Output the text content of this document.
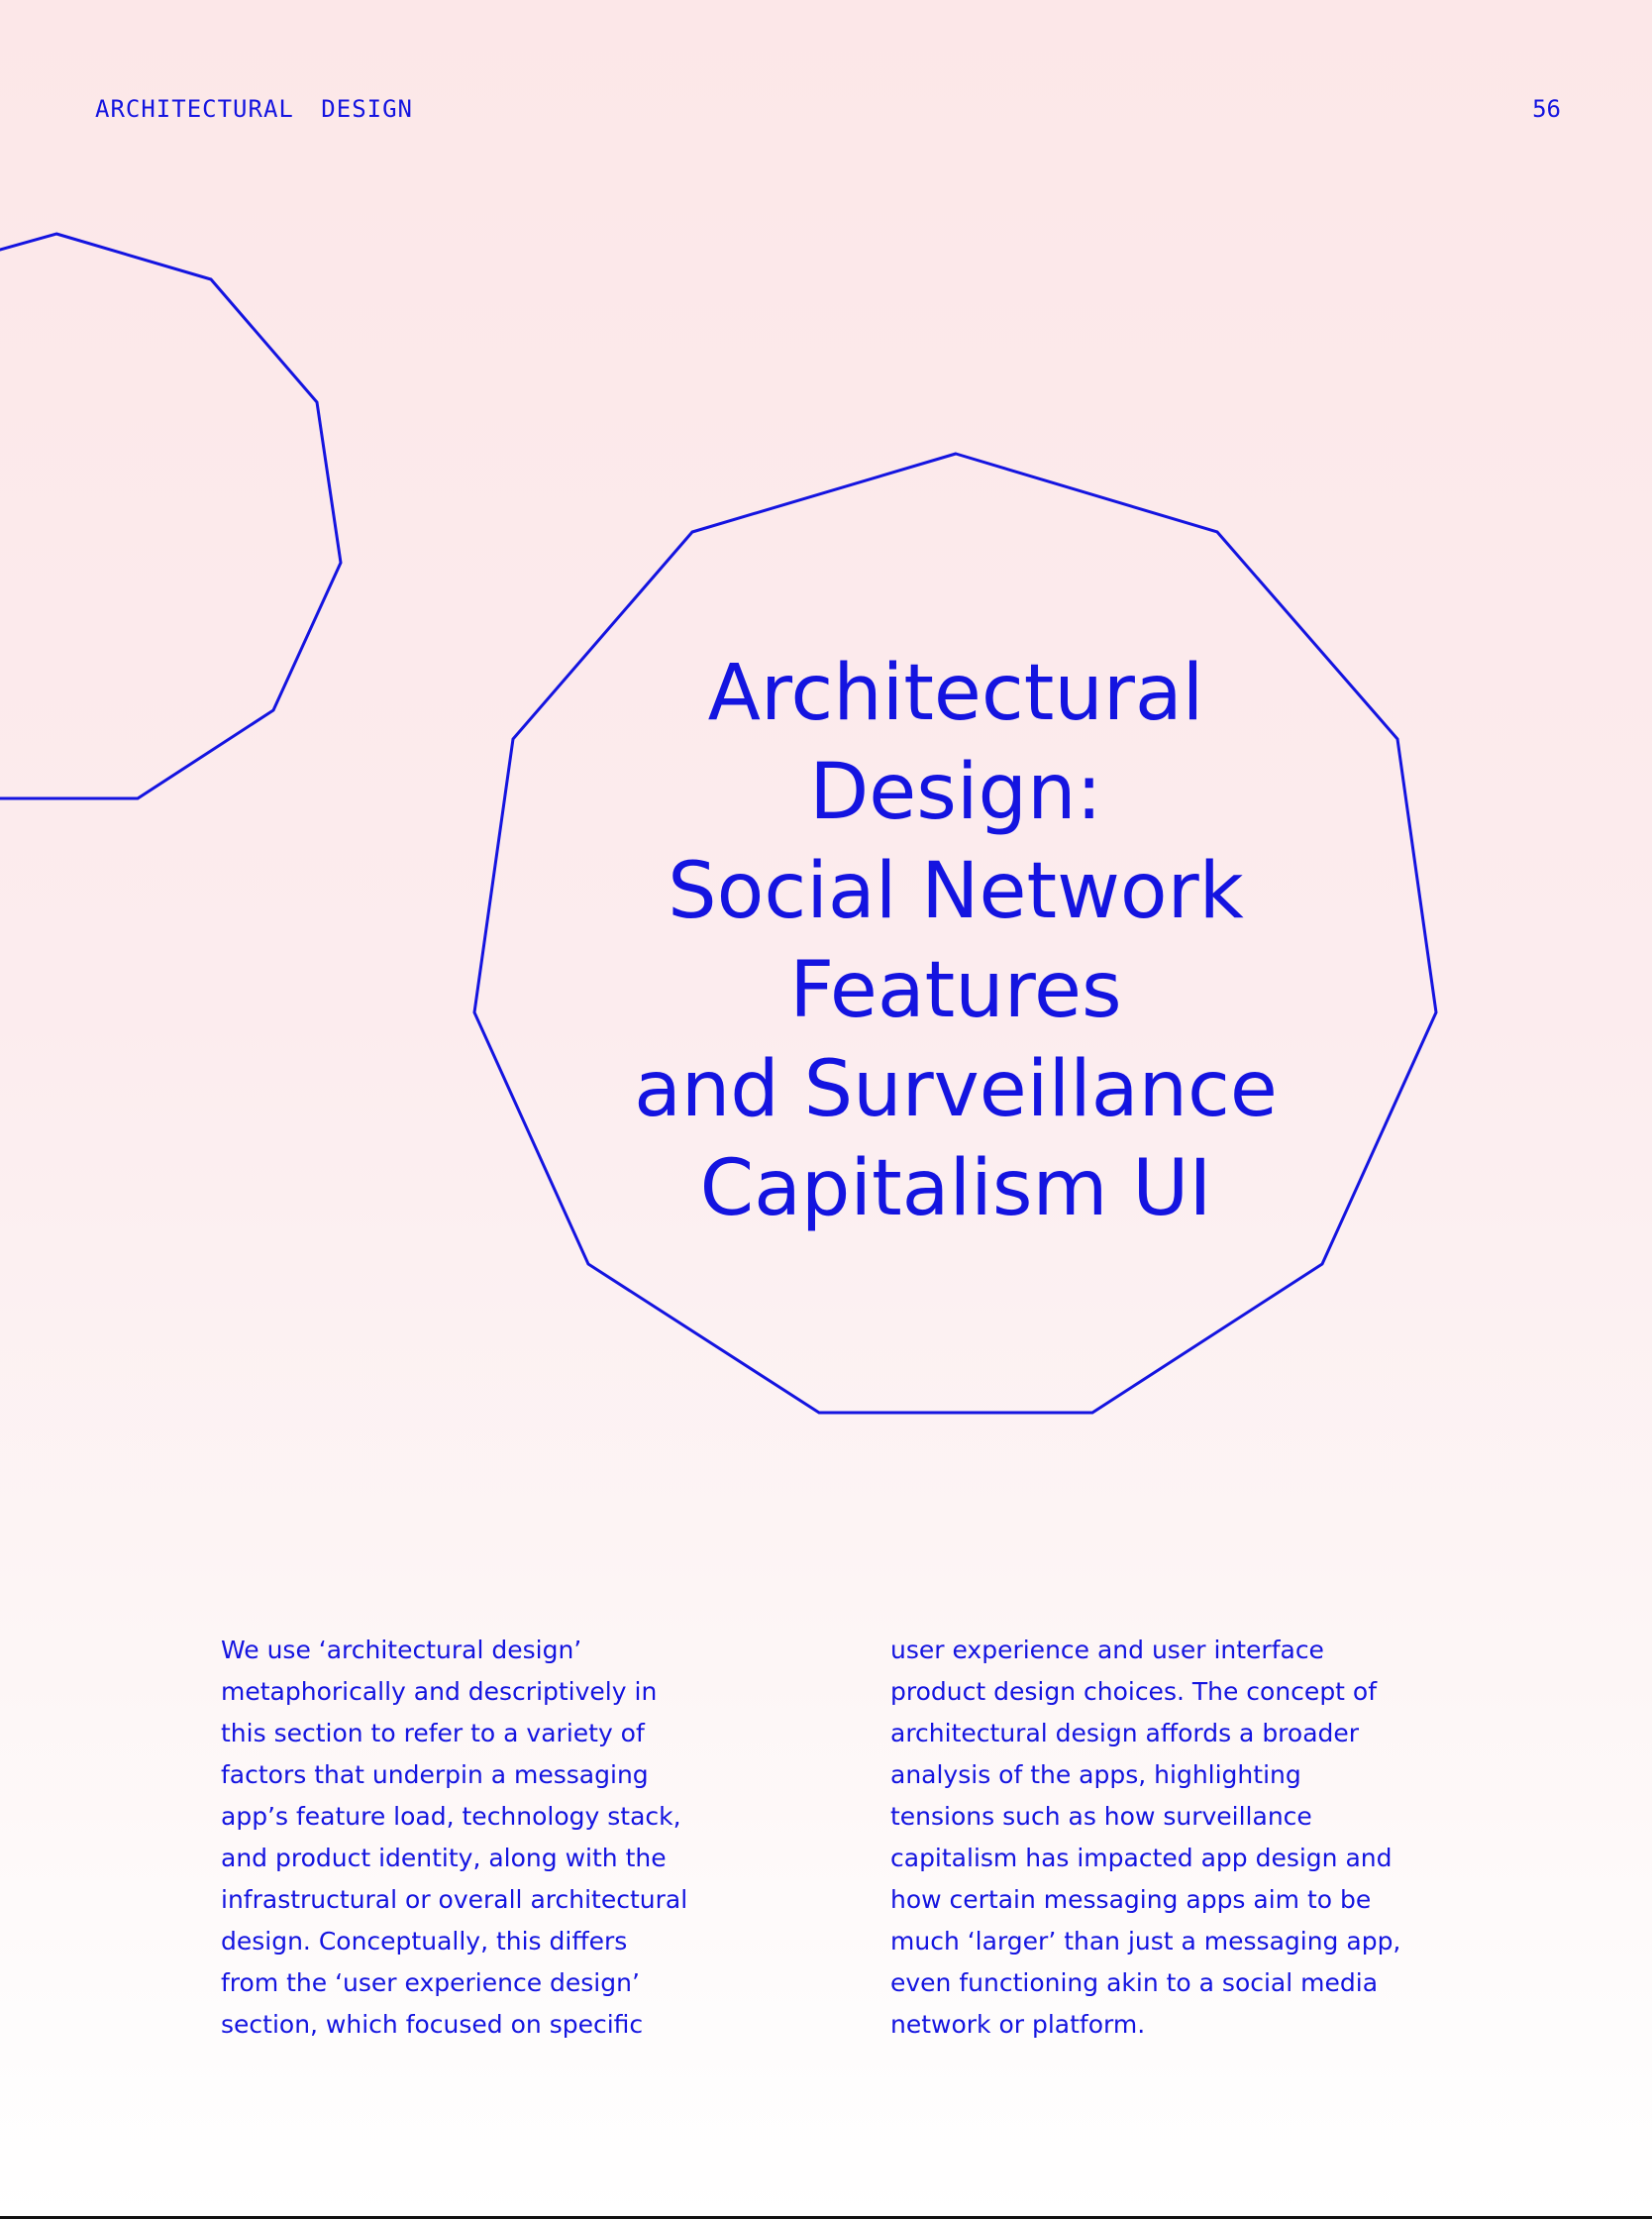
ARCHITECTURAL DESIGN	56
Architectural
Design:
Social Network
Features
and Surveillance
Capitalism UI
We use ‘architectural design’
metaphorically and descriptively in
this section to refer to a variety of
factors that underpin a messaging
app’s feature load, technology stack,
and product identity, along with the
infrastructural or overall architectural
design. Conceptually, this differs
from the ‘user experience design’
section, which focused on specific
user experience and user interface
product design choices. The concept of
architectural design affords a broader
analysis of the apps, highlighting
tensions such as how surveillance
capitalism has impacted app design and
how certain messaging apps aim to be
much ‘larger’ than just a messaging app,
even functioning akin to a social media
network or platform.
